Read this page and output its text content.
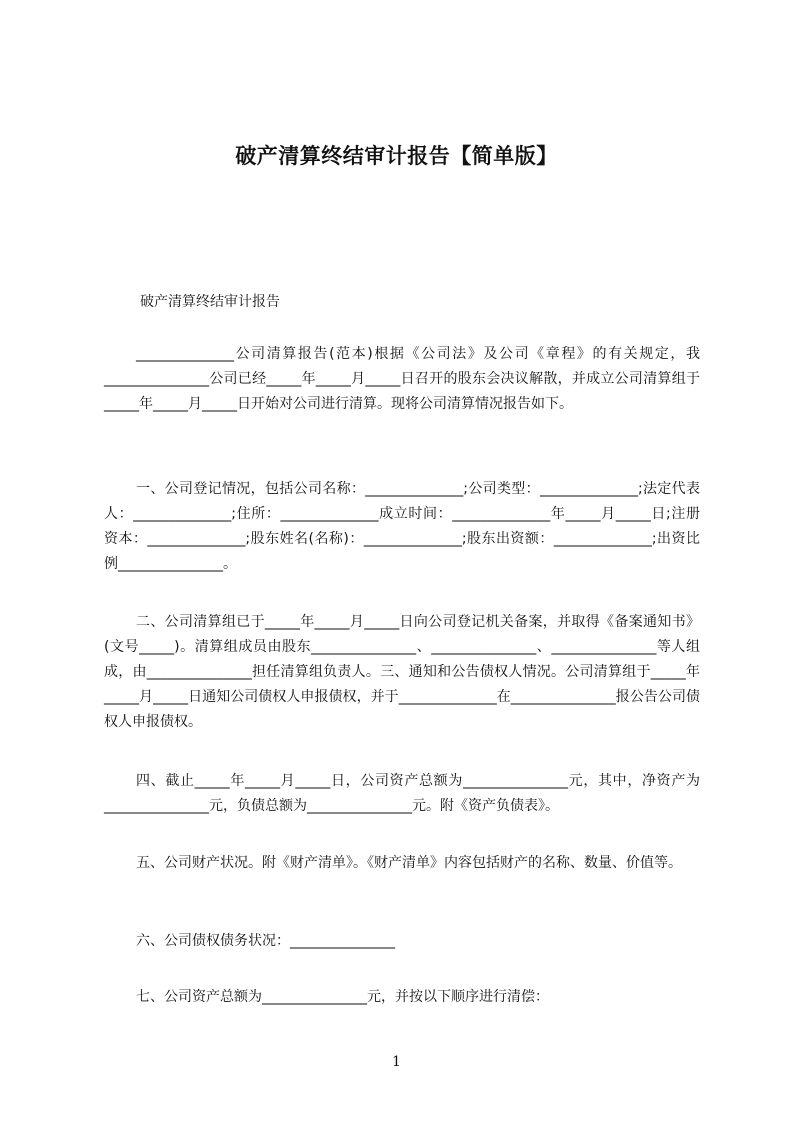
破产清算终结审计报告【简单版】
破产清算终结审计报告

______________公司清算报告(范本)根据《公司法》及公司《章程》的有关规定，我_______________公司已经_____年_____月_____日召开的股东会决议解散，并成立公司清算组于_____年_____月_____日开始对公司进行清算。现将公司清算情况报告如下。

一、公司登记情况，包括公司名称：______________;公司类型：______________;法定代表人：______________;住所：______________成立时间：______________年_____月_____日;注册资本：______________;股东姓名(名称)：______________;股东出资额：______________;出资比例_______________。

二、公司清算组已于_____年_____月_____日向公司登记机关备案，并取得《备案通知书》(文号_____)。清算组成员由股东_______________、_______________、_______________等人组成，由_______________担任清算组负责人。三、通知和公告债权人情况。公司清算组于_____年_____月_____日通知公司债权人申报债权，并于______________在_______________报公告公司债权人申报债权。

四、截止_____年_____月_____日，公司资产总额为_______________元，其中，净资产为_______________元，负债总额为_______________元。附《资产负债表》。

五、公司财产状况。附《财产清单》。《财产清单》内容包括财产的名称、数量、价值等。

六、公司债权债务状况：_______________

七、公司资产总额为_______________元，并按以下顺序进行清偿：

1
